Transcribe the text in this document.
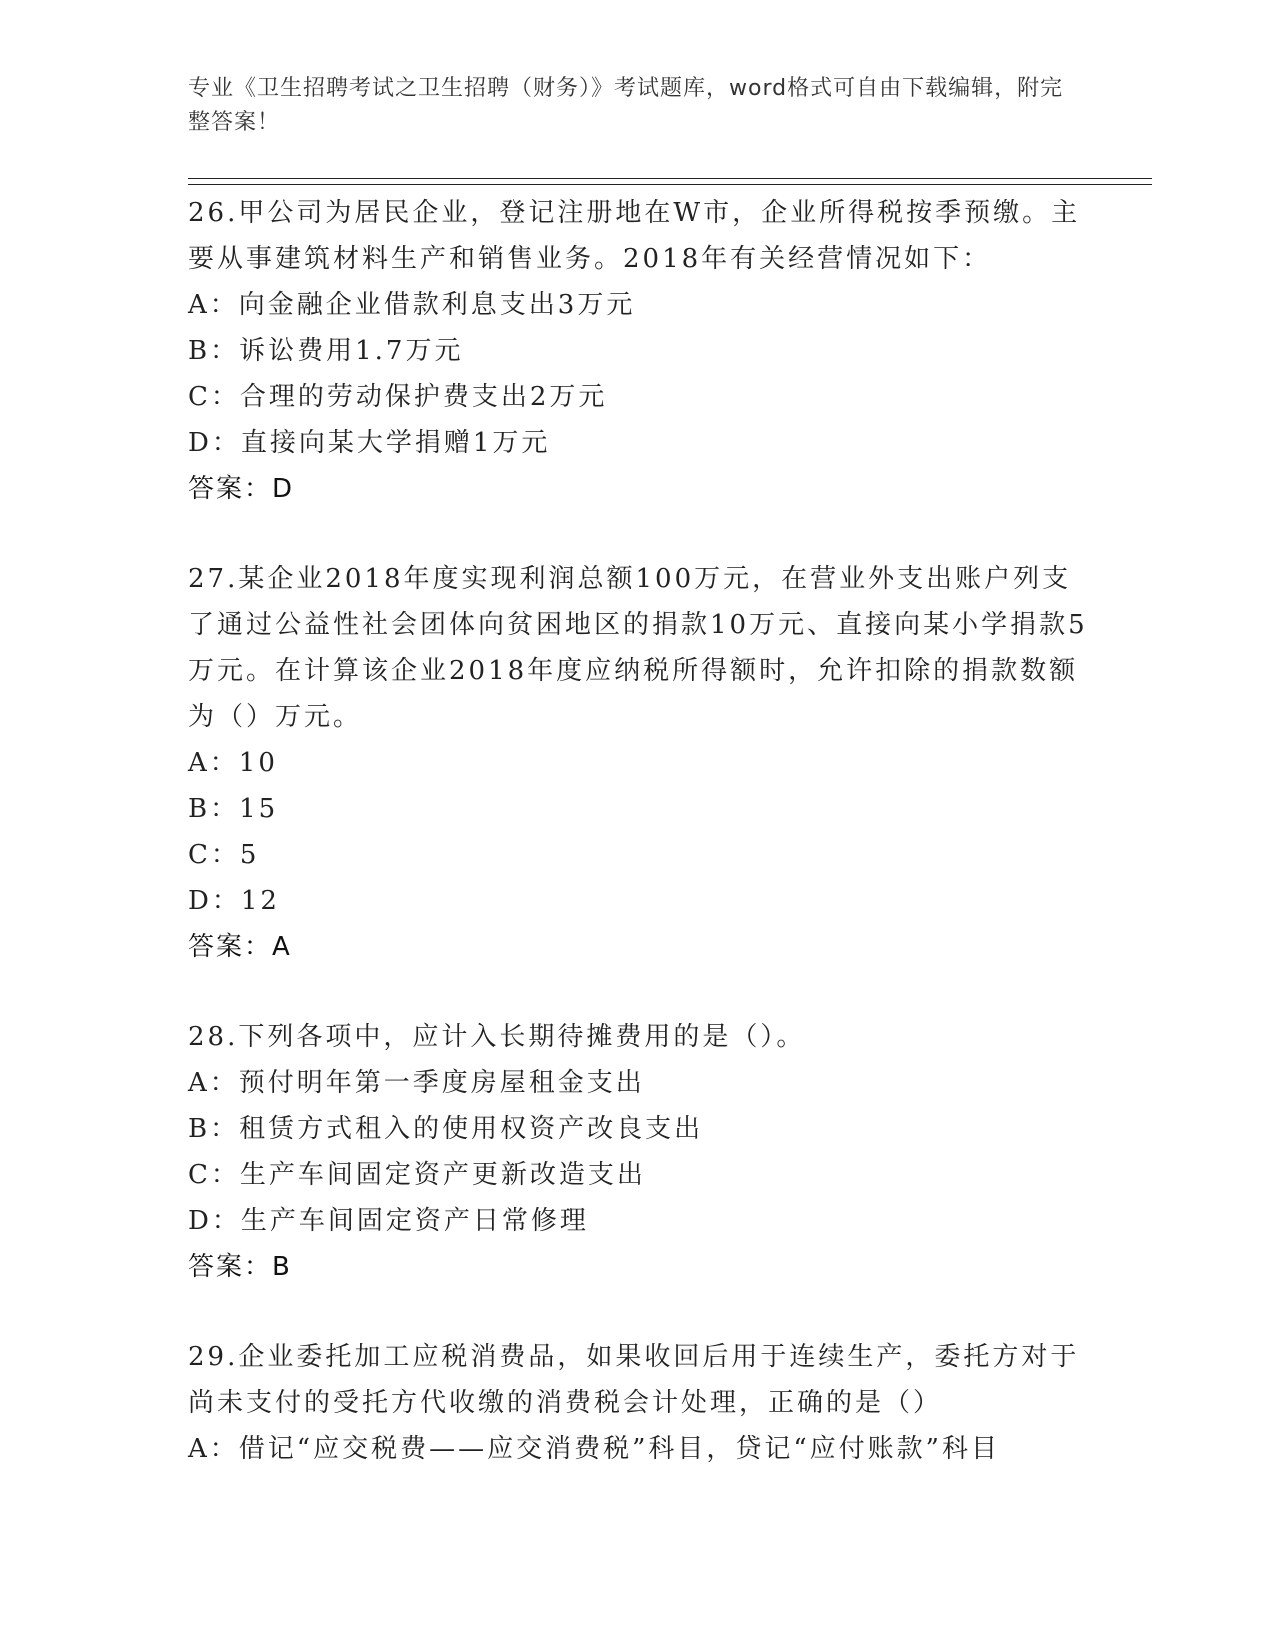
专业《卫生招聘考试之卫生招聘（财务）》考试题库，word格式可自由下载编辑，附完整答案！

26.甲公司为居民企业，登记注册地在W市，企业所得税按季预缴。主要从事建筑材料生产和销售业务。2018年有关经营情况如下：

A：向金融企业借款利息支出3万元

B：诉讼费用1.7万元

C：合理的劳动保护费支出2万元

D：直接向某大学捐赠1万元

答案：D

27.某企业2018年度实现利润总额100万元，在营业外支出账户列支了通过公益性社会团体向贫困地区的捐款10万元、直接向某小学捐款5万元。在计算该企业2018年度应纳税所得额时，允许扣除的捐款数额为（）万元。

A：10

B：15

C：5

D：12

答案：A

28.下列各项中，应计入长期待摊费用的是（）。

A：预付明年第一季度房屋租金支出

B：租赁方式租入的使用权资产改良支出

C：生产车间固定资产更新改造支出

D：生产车间固定资产日常修理

答案：B

29.企业委托加工应税消费品，如果收回后用于连续生产，委托方对于尚未支付的受托方代收缴的消费税会计处理，正确的是（）

A：借记“应交税费——应交消费税”科目，贷记“应付账款”科目
